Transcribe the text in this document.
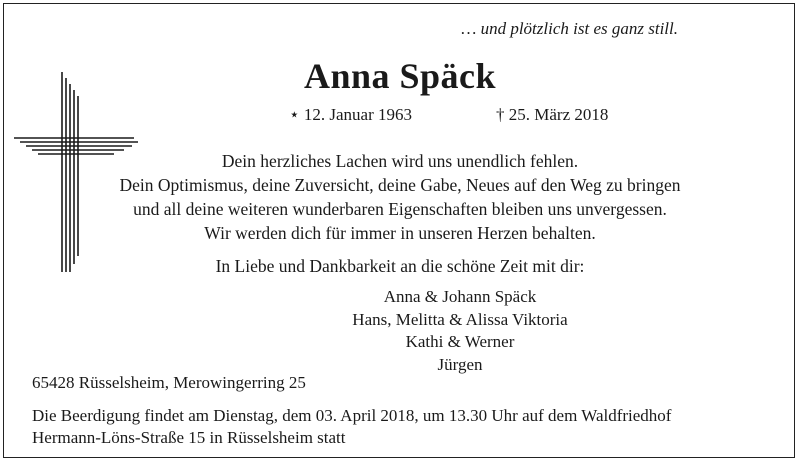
… und plötzlich ist es ganz still.
Anna Späck
⋆ 12. Januar 1963	† 25. März 2018
Dein herzliches Lachen wird uns unendlich fehlen.
Dein Optimismus, deine Zuversicht, deine Gabe, Neues auf den Weg zu bringen
und all deine weiteren wunderbaren Eigenschaften bleiben uns unvergessen.
Wir werden dich für immer in unseren Herzen behalten.
In Liebe und Dankbarkeit an die schöne Zeit mit dir:
Anna & Johann Späck
Hans, Melitta & Alissa Viktoria
Kathi & Werner
Jürgen
65428 Rüsselsheim, Merowingerring 25
Die Beerdigung findet am Dienstag, dem 03. April 2018, um 13.30 Uhr auf dem Waldfriedhof
Hermann-Löns-Straße 15 in Rüsselsheim statt
